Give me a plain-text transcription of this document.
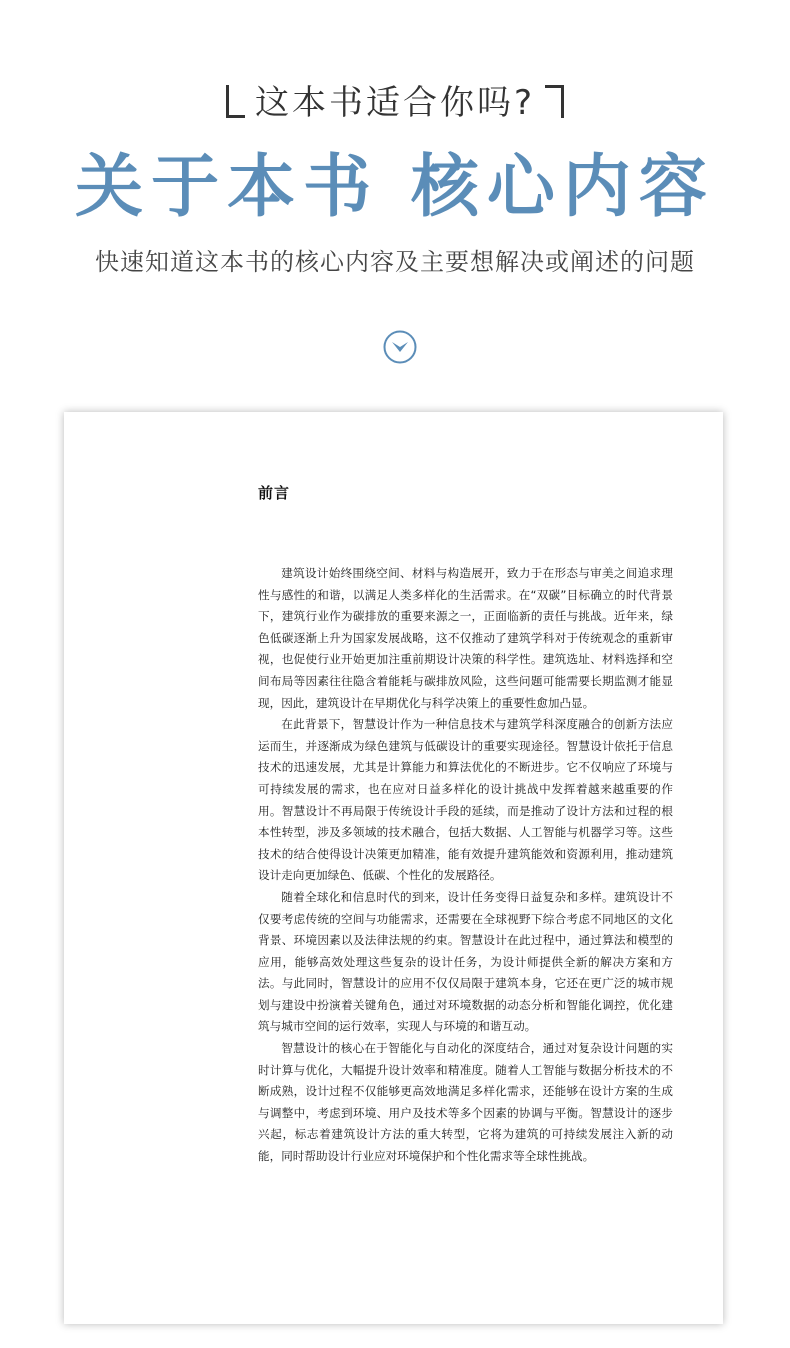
这本书适合你吗?
关于本书 核心内容
快速知道这本书的核心内容及主要想解决或阐述的问题
前言

建筑设计始终围绕空间、材料与构造展开，致力于在形态与审美之间追求理性与感性的和谐，以满足人类多样化的生活需求。在“双碳”目标确立的时代背景下，建筑行业作为碳排放的重要来源之一，正面临新的责任与挑战。近年来，绿色低碳逐渐上升为国家发展战略，这不仅推动了建筑学科对于传统观念的重新审视，也促使行业开始更加注重前期设计决策的科学性。建筑选址、材料选择和空间布局等因素往往隐含着能耗与碳排放风险，这些问题可能需要长期监测才能显现，因此，建筑设计在早期优化与科学决策上的重要性愈加凸显。

在此背景下，智慧设计作为一种信息技术与建筑学科深度融合的创新方法应运而生，并逐渐成为绿色建筑与低碳设计的重要实现途径。智慧设计依托于信息技术的迅速发展，尤其是计算能力和算法优化的不断进步。它不仅响应了环境与可持续发展的需求，也在应对日益多样化的设计挑战中发挥着越来越重要的作用。智慧设计不再局限于传统设计手段的延续，而是推动了设计方法和过程的根本性转型，涉及多领域的技术融合，包括大数据、人工智能与机器学习等。这些技术的结合使得设计决策更加精准，能有效提升建筑能效和资源利用，推动建筑设计走向更加绿色、低碳、个性化的发展路径。

随着全球化和信息时代的到来，设计任务变得日益复杂和多样。建筑设计不仅要考虑传统的空间与功能需求，还需要在全球视野下综合考虑不同地区的文化背景、环境因素以及法律法规的约束。智慧设计在此过程中，通过算法和模型的应用，能够高效处理这些复杂的设计任务，为设计师提供全新的解决方案和方法。与此同时，智慧设计的应用不仅仅局限于建筑本身，它还在更广泛的城市规划与建设中扮演着关键角色，通过对环境数据的动态分析和智能化调控，优化建筑与城市空间的运行效率，实现人与环境的和谐互动。

智慧设计的核心在于智能化与自动化的深度结合，通过对复杂设计问题的实时计算与优化，大幅提升设计效率和精准度。随着人工智能与数据分析技术的不断成熟，设计过程不仅能够更高效地满足多样化需求，还能够在设计方案的生成与调整中，考虑到环境、用户及技术等多个因素的协调与平衡。智慧设计的逐步兴起，标志着建筑设计方法的重大转型，它将为建筑的可持续发展注入新的动能，同时帮助设计行业应对环境保护和个性化需求等全球性挑战。
